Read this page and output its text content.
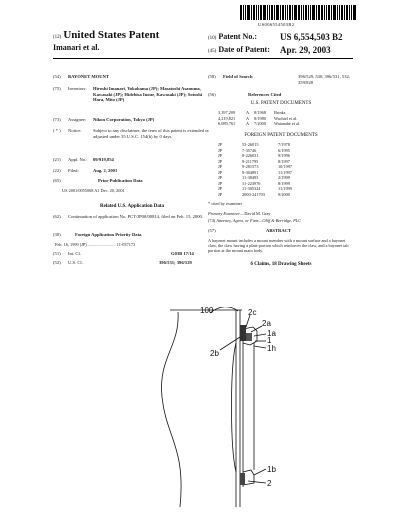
US006554503B2
(12) United States Patent
Imanari et al.
(10) Patent No.:	US 6,554,503 B2
(45) Date of Patent: Apr. 29, 2003
(54) BAYONET MOUNT
(75) Inventors: Hiroshi Imanari, Yokohama (JP); Masatoshi Asanuma, Kawasaki (JP); Hidehisa Inoue, Kawasaki (JP); Sotoshi Hara, Mito (JP)
(73) Assignee: Nikon Corporation, Tokyo (JP)
( * ) Notice: Subject to any disclaimer, the term of this patent is extended or adjusted under 35 U.S.C. 154(b) by 0 days.
(21) Appl. No.: 09/919,854
(22) Filed:	Aug. 2, 2001
(65)	Prior Publication Data
US 2001/0055068 A1 Dec. 20, 2001
Related U.S. Application Data
(62) Continuation of application No. PCT/JP00/00814, filed on Feb. 15, 2000.
(30)	Foreign Application Priority Data
Feb. 16, 1999 (JP) .......................... 11-037173
(51) Int. Cl.	G03B 17/14
(52) U.S. Cl.	396/531; 396/529
(58) Field of Search	396/529, 530, 396/531, 532; 359/828
(56)	References Cited
U.S. PATENT DOCUMENTS
3,397,209	A 8/1968 Brinks
4,219,821	A 8/1980 Wachtel et al.
6,089,761	A 7/2000 Watanabe et al.
FOREIGN PATENT DOCUMENTS
JP	53-26015	7/1978
JP	7-35746	6/1995
JP	8-226031	9/1996
JP	9-211795	8/1997
JP	9-281573	10/1997
JP	9-304891	11/1997
JP	11-38493	2/1999
JP	11-223976	8/1999
JP	11-305324	11/1999
JP	2000-241703	9/2000
* cited by examiner
Primary Examiner—David M. Gray
(74) Attorney, Agent, or Firm—Oliff & Berridge, PLC
(57)	ABSTRACT
A bayonet mount includes a mount member with a mount surface and a bayonet claw, the claw having a plate portion which reinforces the claw, and a bayonet tab portion at the mount main body.
6 Claims, 18 Drawing Sheets
100	2c
2a
1a
1
1h
2b
1b
2
